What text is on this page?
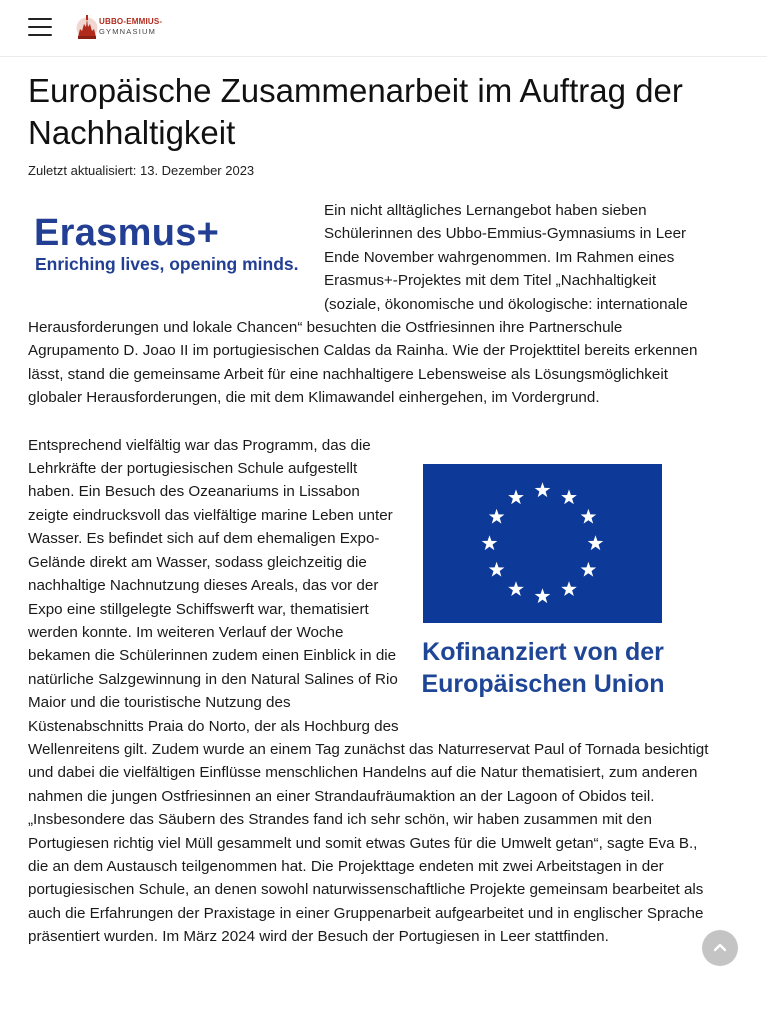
UBBO-EMMIUS-
GYMNASIUM
Europäische Zusammenarbeit im Auftrag der Nachhaltigkeit
Zuletzt aktualisiert: 13. Dezember 2023
Erasmus+
Enriching lives, opening minds.

Ein nicht alltägliches Lernangebot haben sieben Schülerinnen des Ubbo-Emmius-Gymnasiums in Leer Ende November wahrgenommen. Im Rahmen eines Erasmus+-Projektes mit dem Titel „Nachhaltigkeit (soziale, ökonomische und ökologische: internationale Herausforderungen und lokale Chancen“ besuchten die Ostfriesinnen ihre Partnerschule Agrupamento D. Joao II im portugiesischen Caldas da Rainha. Wie der Projekttitel bereits erkennen lässt, stand die gemeinsame Arbeit für eine nachhaltigere Lebensweise als Lösungsmöglichkeit globaler Herausforderungen, die mit dem Klimawandel einhergehen, im Vordergrund.

Kofinanziert von der
Europäischen Union

Entsprechend vielfältig war das Programm, das die Lehrkräfte der portugiesischen Schule aufgestellt haben. Ein Besuch des Ozeanariums in Lissabon zeigte eindrucksvoll das vielfältige marine Leben unter Wasser. Es befindet sich auf dem ehemaligen Expo-Gelände direkt am Wasser, sodass gleichzeitig die nachhaltige Nachnutzung dieses Areals, das vor der Expo eine stillgelegte Schiffswerft war, thematisiert werden konnte. Im weiteren Verlauf der Woche bekamen die Schülerinnen zudem einen Einblick in die natürliche Salzgewinnung in den Natural Salines of Rio Maior und die touristische Nutzung des Küstenabschnitts Praia do Norto, der als Hochburg des Wellenreitens gilt. Zudem wurde an einem Tag zunächst das Naturreservat Paul of Tornada besichtigt und dabei die vielfältigen Einflüsse menschlichen Handelns auf die Natur thematisiert, zum anderen nahmen die jungen Ostfriesinnen an einer Strandaufräumaktion an der Lagoon of Obidos teil. „Insbesondere das Säubern des Strandes fand ich sehr schön, wir haben zusammen mit den Portugiesen richtig viel Müll gesammelt und somit etwas Gutes für die Umwelt getan“, sagte Eva B., die an dem Austausch teilgenommen hat. Die Projekttage endeten mit zwei Arbeitstagen in der portugiesischen Schule, an denen sowohl naturwissenschaftliche Projekte gemeinsam bearbeitet als auch die Erfahrungen der Praxistage in einer Gruppenarbeit aufgearbeitet und in englischer Sprache präsentiert wurden. Im März 2024 wird der Besuch der Portugiesen in Leer stattfinden.
